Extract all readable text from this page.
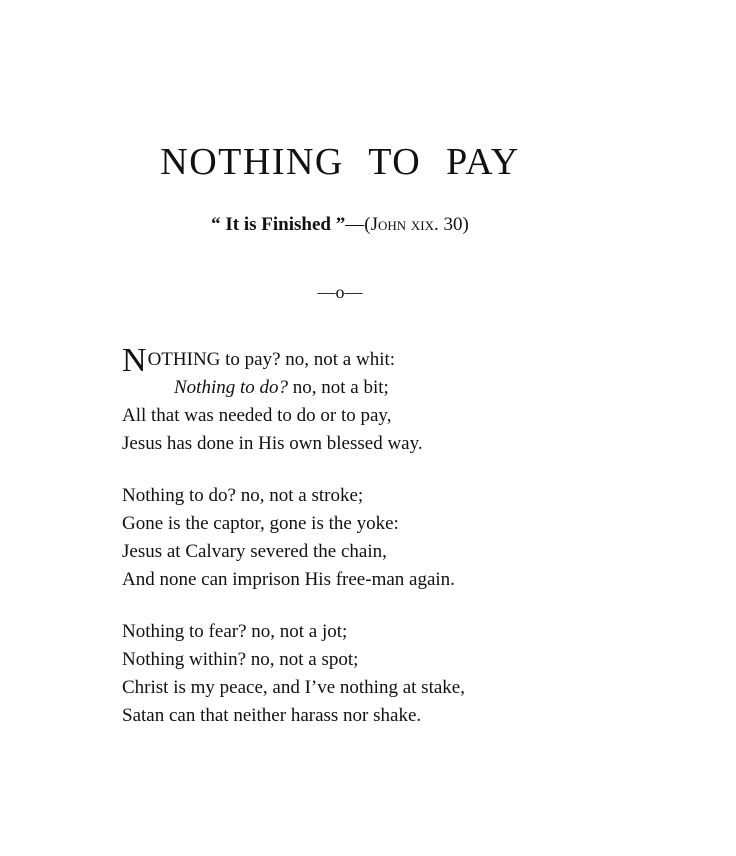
NOTHING TO PAY

“ It is Finished ”—(John xix. 30)

—o—
NOTHING to pay? no, not a whit:
Nothing to do? no, not a bit;
All that was needed to do or to pay,
Jesus has done in His own blessed way.
Nothing to do? no, not a stroke;
Gone is the captor, gone is the yoke:
Jesus at Calvary severed the chain,
And none can imprison His free-man again.
Nothing to fear? no, not a jot;
Nothing within? no, not a spot;
Christ is my peace, and I’ve nothing at stake,
Satan can that neither harass nor shake.
